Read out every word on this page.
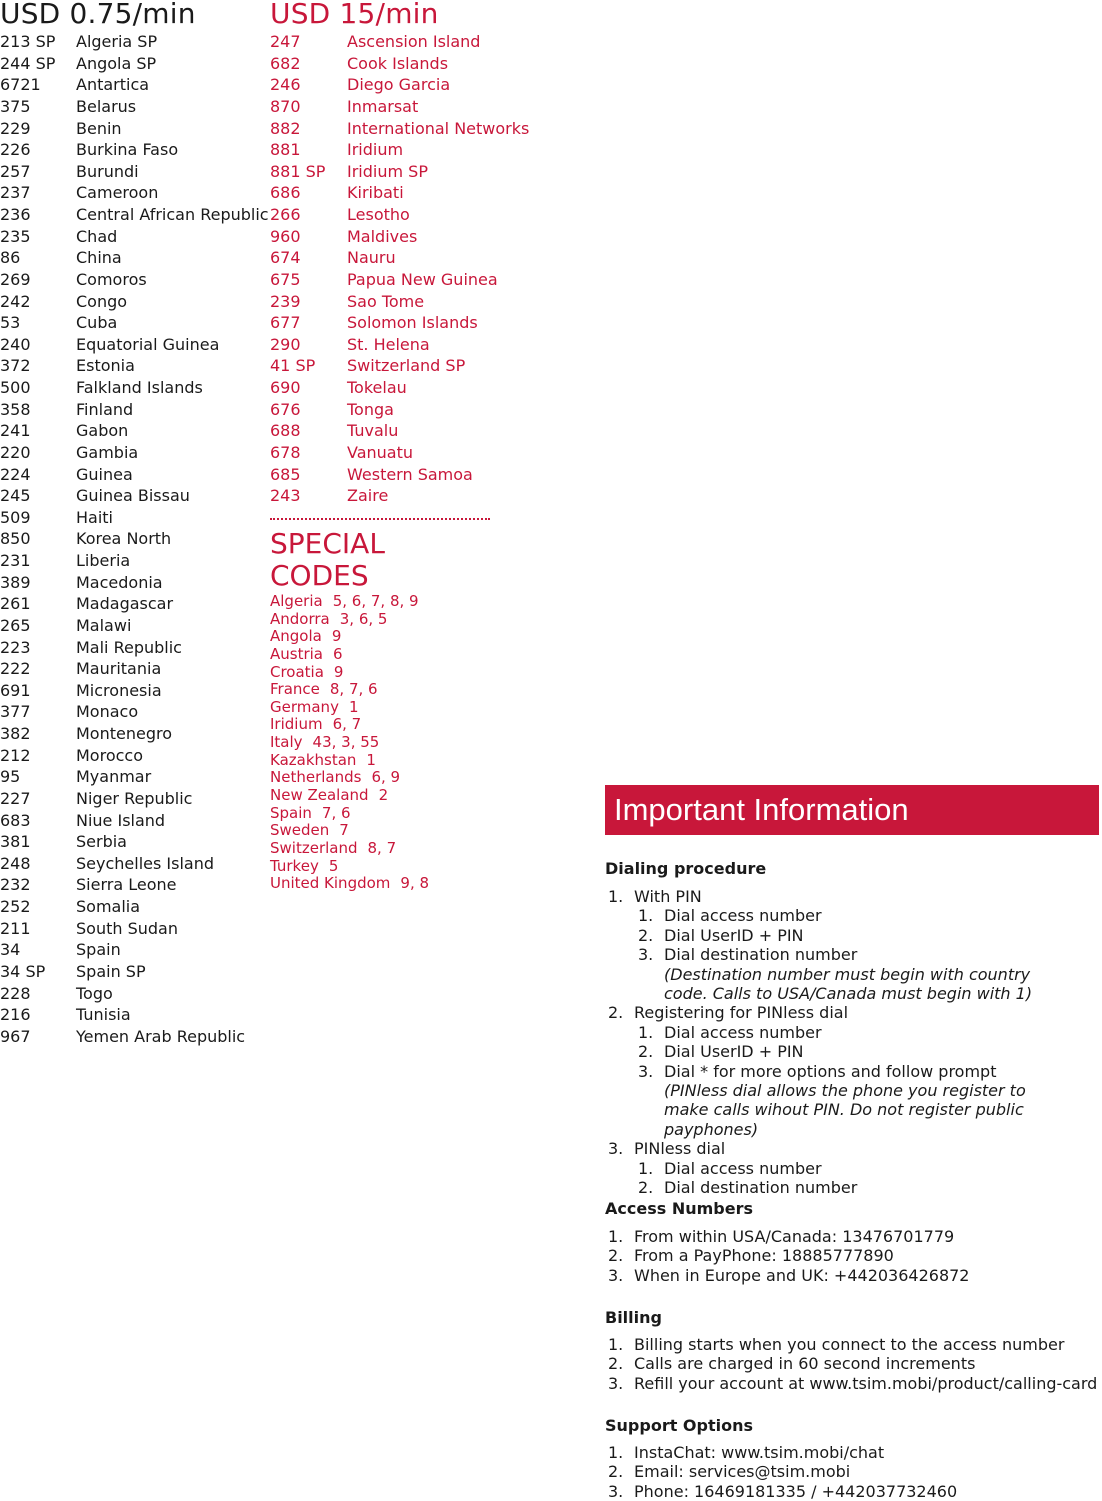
USD 0.75/min
213 SP	Algeria SP
244 SP	Angola SP
6721	Antartica
375	Belarus
229	Benin
226	Burkina Faso
257	Burundi
237	Cameroon
236	Central African Republic
235	Chad
86	China
269	Comoros
242	Congo
53	Cuba
240	Equatorial Guinea
372	Estonia
500	Falkland Islands
358	Finland
241	Gabon
220	Gambia
224	Guinea
245	Guinea Bissau
509	Haiti
850	Korea North
231	Liberia
389	Macedonia
261	Madagascar
265	Malawi
223	Mali Republic
222	Mauritania
691	Micronesia
377	Monaco
382	Montenegro
212	Morocco
95	Myanmar
227	Niger Republic
683	Niue Island
381	Serbia
248	Seychelles Island
232	Sierra Leone
252	Somalia
211	South Sudan
34	Spain
34 SP	Spain SP
228	Togo
216	Tunisia
967	Yemen Arab Republic
USD 15/min
247	Ascension Island
682	Cook Islands
246	Diego Garcia
870	Inmarsat
882	International Networks
881	Iridium
881 SP	Iridium SP
686	Kiribati
266	Lesotho
960	Maldives
674	Nauru
675	Papua New Guinea
239	Sao Tome
677	Solomon Islands
290	St. Helena
41 SP	Switzerland SP
690	Tokelau
676	Tonga
688	Tuvalu
678	Vanuatu
685	Western Samoa
243	Zaire
SPECIAL
CODES
Algeria 5, 6, 7, 8, 9
Andorra 3, 6, 5
Angola 9
Austria 6
Croatia 9
France 8, 7, 6
Germany 1
Iridium 6, 7
Italy 43, 3, 55
Kazakhstan 1
Netherlands 6, 9
New Zealand 2
Spain 7, 6
Sweden 7
Switzerland 8, 7
Turkey 5
United Kingdom 9, 8
Important Information
Dialing procedure
1. With PIN
1. Dial access number
2. Dial UserID + PIN
3. Dial destination number
(Destination number must begin with country code. Calls to USA/Canada must begin with 1)
2. Registering for PINless dial
1. Dial access number
2. Dial UserID + PIN
3. Dial * for more options and follow prompt
(PINless dial allows the phone you register to make calls wihout PIN. Do not register public payphones)
3. PINless dial
1. Dial access number
2. Dial destination number
Access Numbers
1. From within USA/Canada: 13476701779
2. From a PayPhone: 18885777890
3. When in Europe and UK: +442036426872
Billing
1. Billing starts when you connect to the access number
2. Calls are charged in 60 second increments
3. Refill your account at www.tsim.mobi/product/calling-card
Support Options
1. InstaChat: www.tsim.mobi/chat
2. Email: services@tsim.mobi
3. Phone: 16469181335 / +442037732460
